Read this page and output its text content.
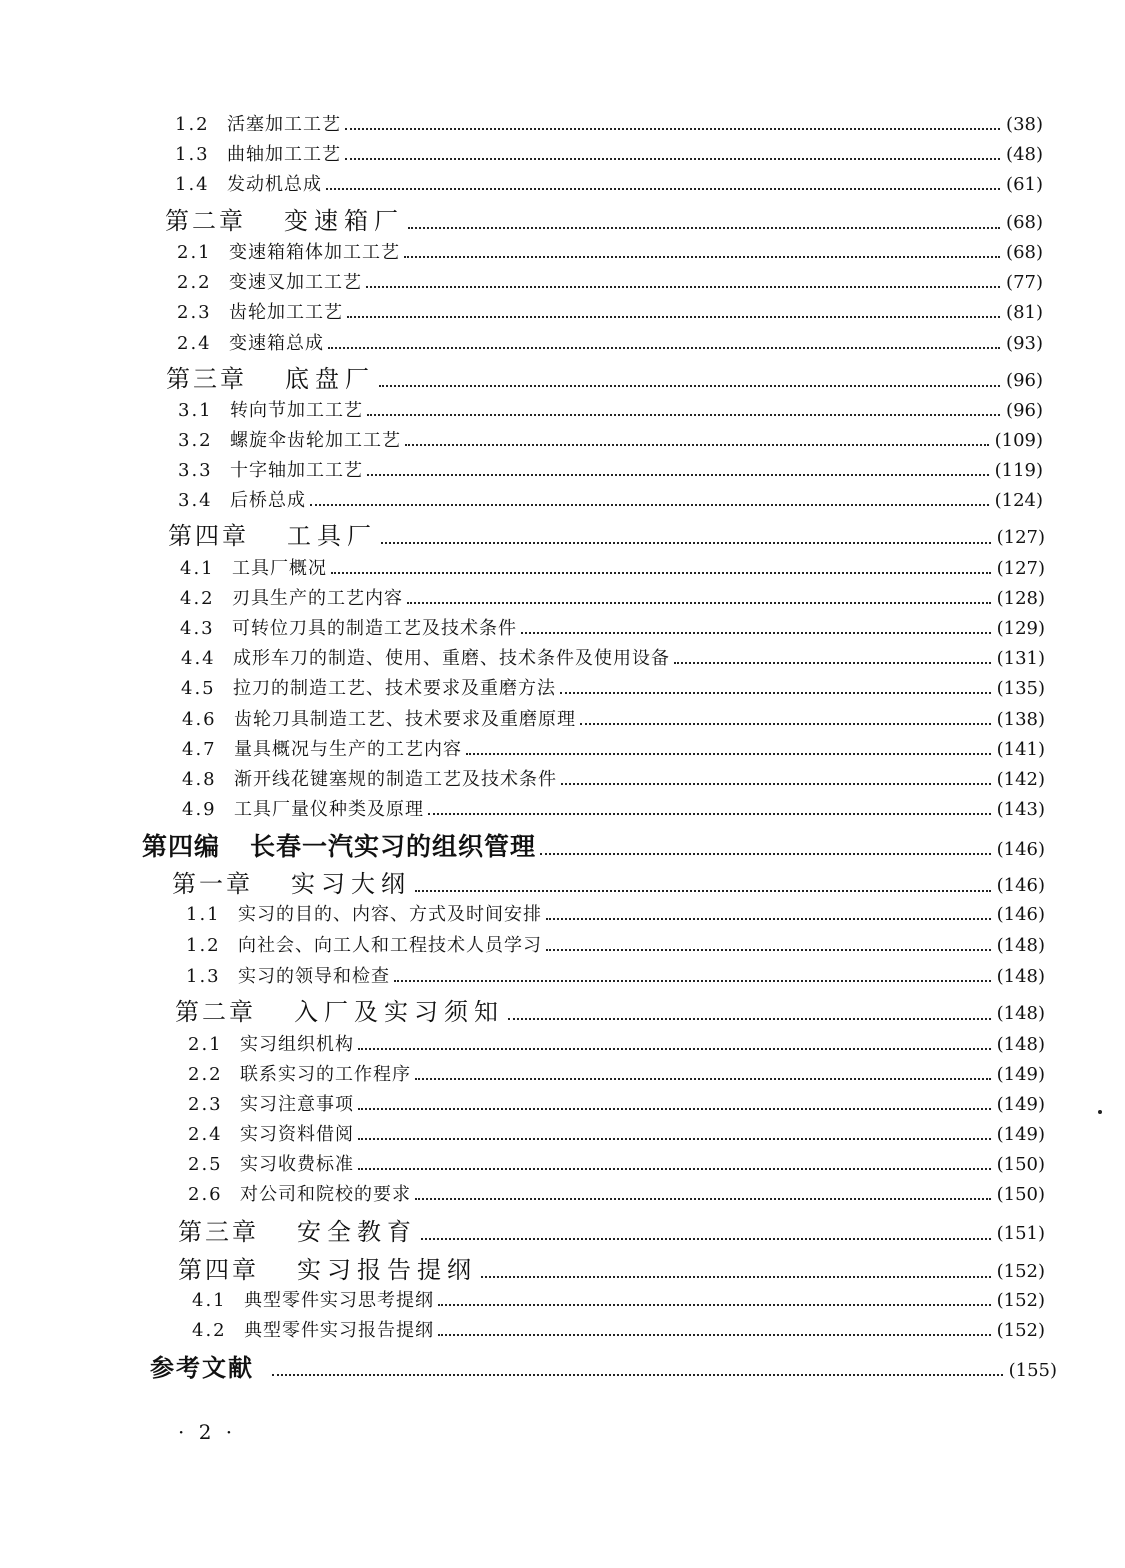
1.2 活塞加工工艺	(38)
1.3 曲轴加工工艺	(48)
1.4 发动机总成	(61)
第二章 变速箱厂	(68)
2.1 变速箱箱体加工工艺	(68)
2.2 变速叉加工工艺	(77)
2.3 齿轮加工工艺	(81)
2.4 变速箱总成	(93)
第三章 底盘厂	(96)
3.1 转向节加工工艺	(96)
3.2 螺旋伞齿轮加工工艺	(109)
3.3 十字轴加工工艺	(119)
3.4 后桥总成	(124)
第四章 工具厂	(127)
4.1 工具厂概况	(127)
4.2 刃具生产的工艺内容	(128)
4.3 可转位刀具的制造工艺及技术条件	(129)
4.4 成形车刀的制造、使用、重磨、技术条件及使用设备	(131)
4.5 拉刀的制造工艺、技术要求及重磨方法	(135)
4.6 齿轮刀具制造工艺、技术要求及重磨原理	(138)
4.7 量具概况与生产的工艺内容	(141)
4.8 渐开线花键塞规的制造工艺及技术条件	(142)
4.9 工具厂量仪种类及原理	(143)
第四编 长春一汽实习的组织管理	(146)
第一章 实习大纲	(146)
1.1 实习的目的、内容、方式及时间安排	(146)
1.2 向社会、向工人和工程技术人员学习	(148)
1.3 实习的领导和检查	(148)
第二章 入厂及实习须知	(148)
2.1 实习组织机构	(148)
2.2 联系实习的工作程序	(149)
2.3 实习注意事项	(149)
2.4 实习资料借阅	(149)
2.5 实习收费标准	(150)
2.6 对公司和院校的要求	(150)
第三章 安全教育	(151)
第四章 实习报告提纲	(152)
4.1 典型零件实习思考提纲	(152)
4.2 典型零件实习报告提纲	(152)
参考文献	(155)
· 2 ·
